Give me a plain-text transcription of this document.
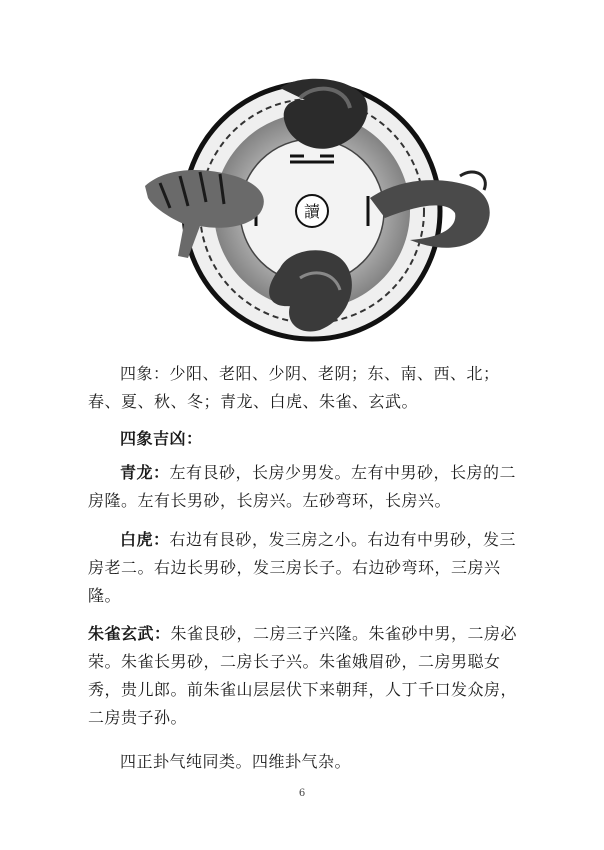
讀

四象：少阳、老阳、少阴、老阴；东、南、西、北；春、夏、秋、冬；青龙、白虎、朱雀、玄武。

四象吉凶：

青龙：左有艮砂，长房少男发。左有中男砂，长房的二房隆。左有长男砂，长房兴。左砂弯环，长房兴。

白虎：右边有艮砂，发三房之小。右边有中男砂，发三房老二。右边长男砂，发三房长子。右边砂弯环，三房兴隆。

朱雀玄武：朱雀艮砂，二房三子兴隆。朱雀砂中男，二房必荣。朱雀长男砂，二房长子兴。朱雀娥眉砂，二房男聪女秀，贵儿郎。前朱雀山层层伏下来朝拜，人丁千口发众房，二房贵子孙。

四正卦气纯同类。四维卦气杂。

6
